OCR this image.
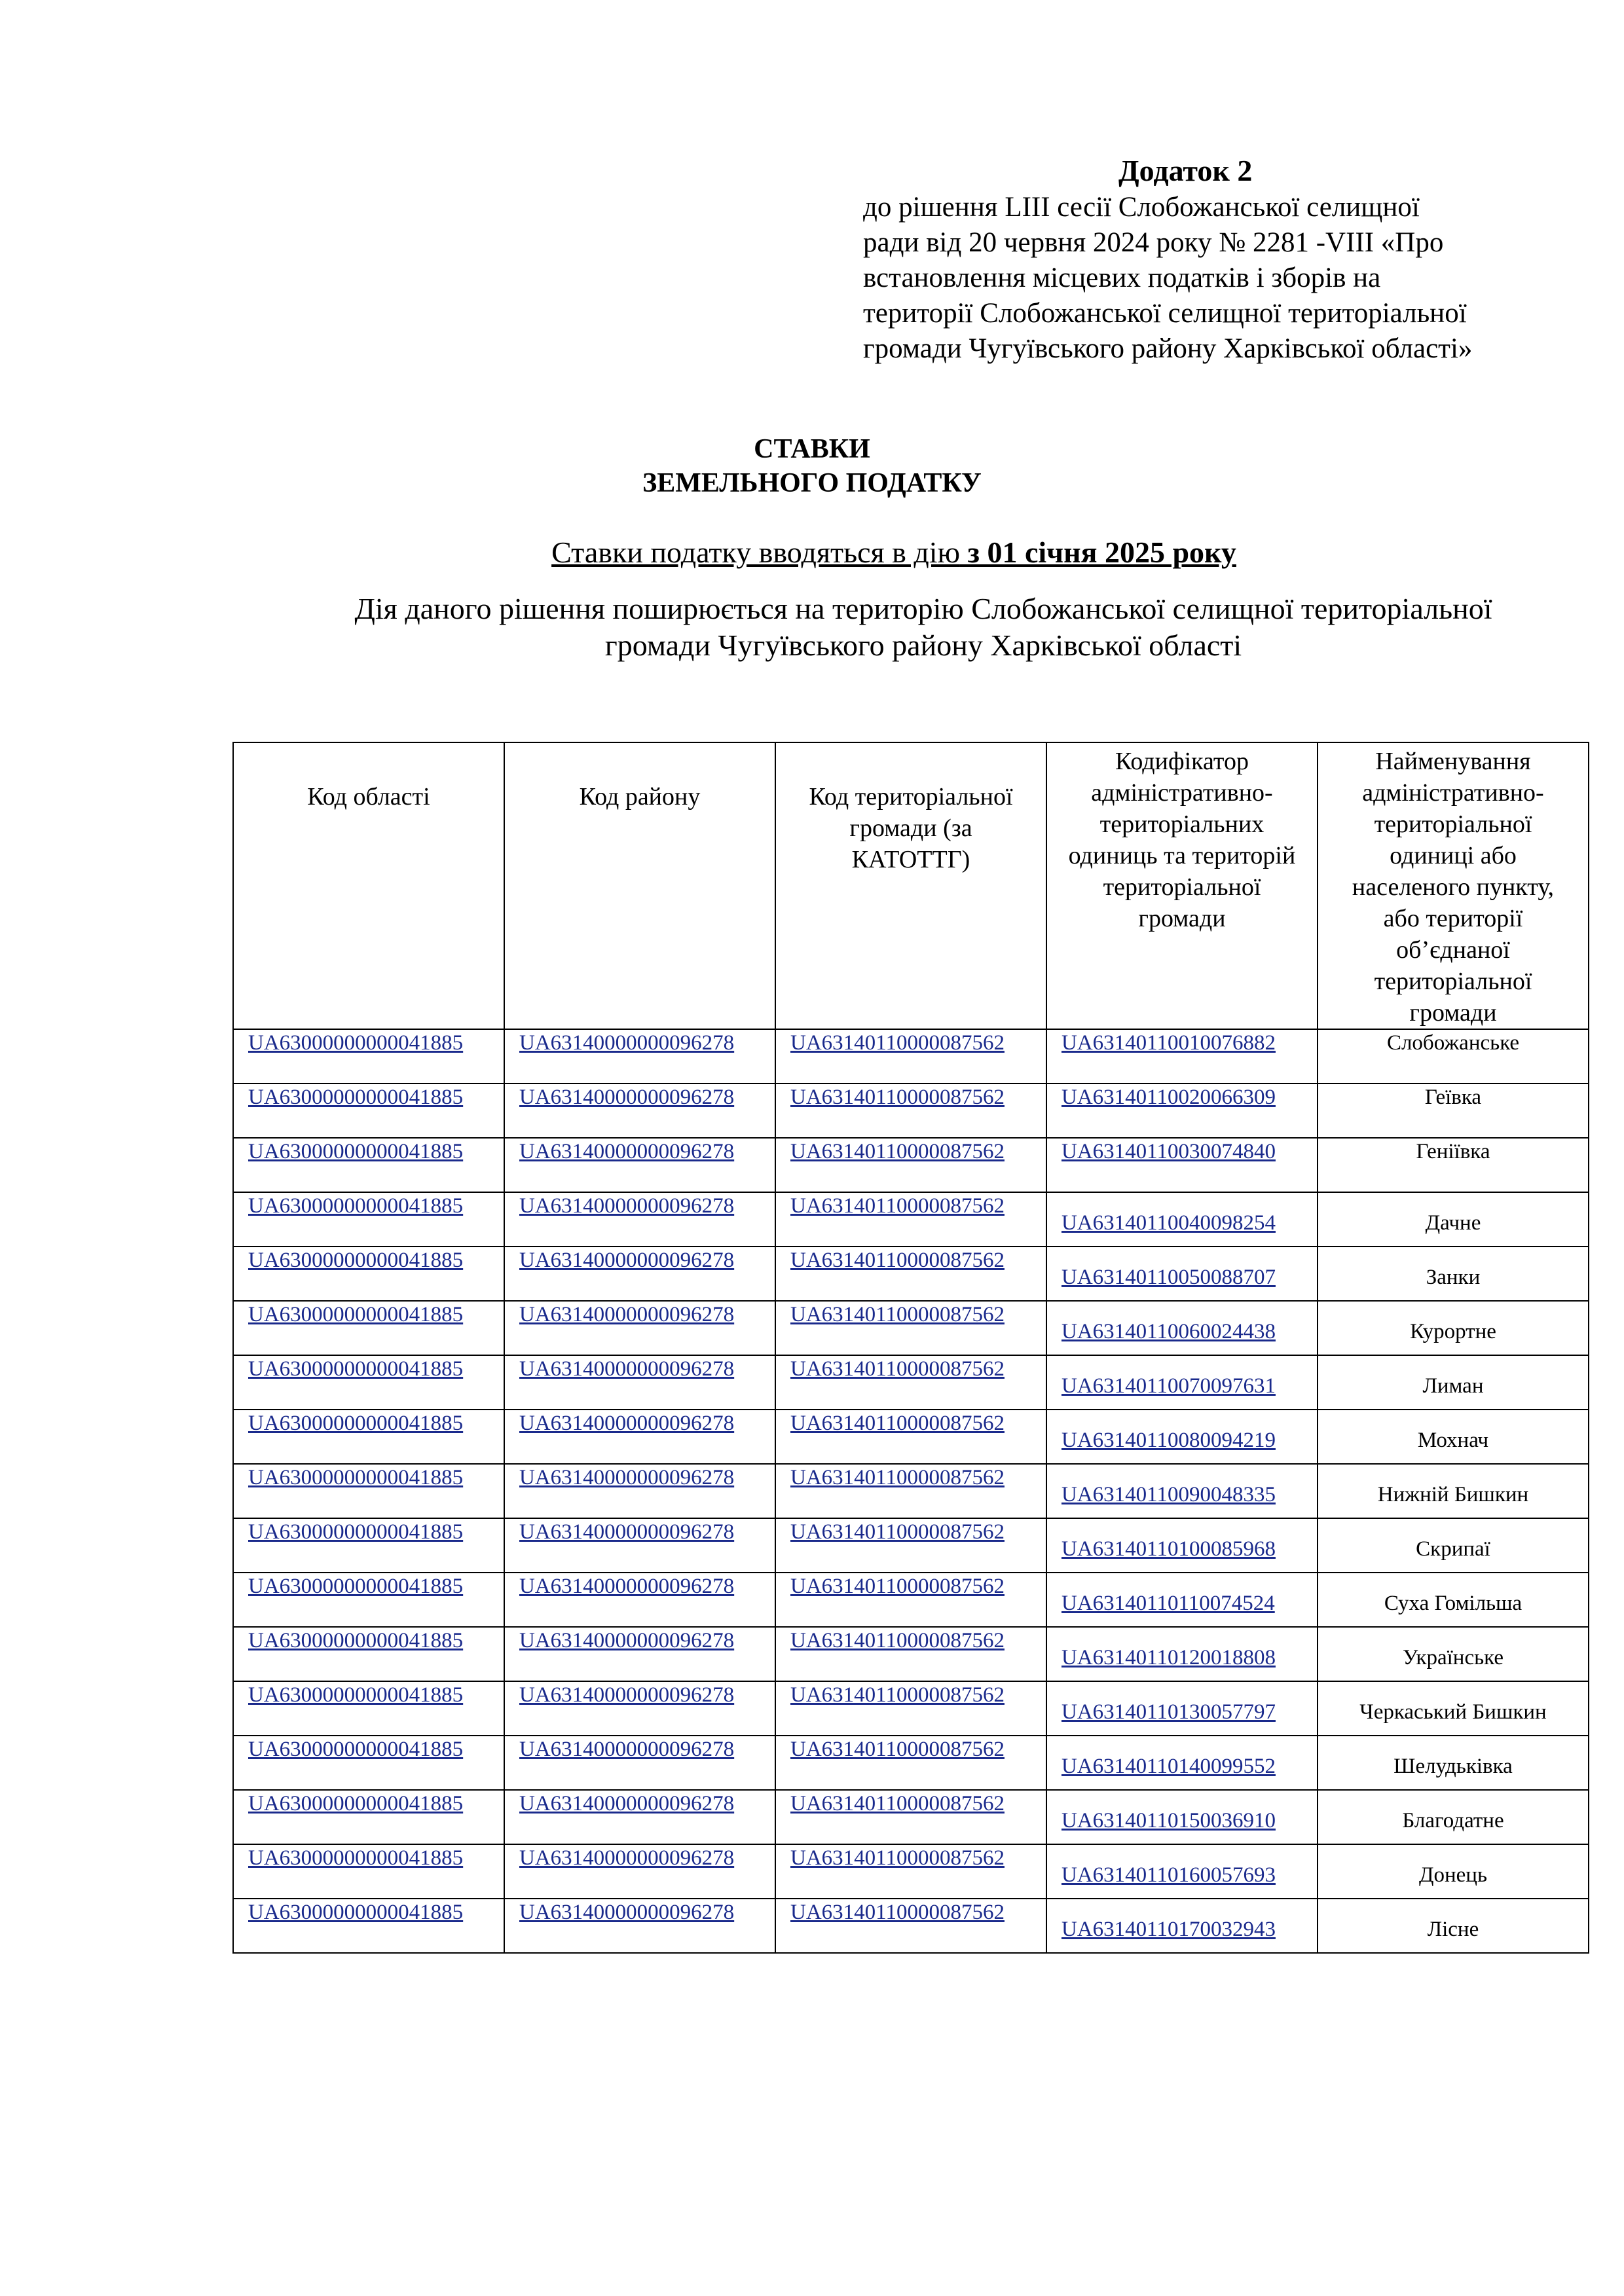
Додаток 2
до рішення LIII сесії Слобожанської селищної
ради від 20 червня 2024 року № 2281 -VIII «Про
встановлення місцевих податків і зборів на
території Слобожанської селищної територіальної
громади Чугуївського району Харківської області»
СТАВКИ
ЗЕМЕЛЬНОГО ПОДАТКУ
Ставки податку вводяться в дію з 01 січня 2025 року
Дія даного рішення поширюється на територію Слобожанської селищної територіальної
громади Чугуївського району Харківської області
Код області	Код району	Код територіальної громади (за КАТОТТГ)	Кодифікатор адміністративно-територіальних одиниць та територій територіальної громади	Найменування адміністративно-територіальної одиниці або населеного пункту, або території об’єднаної територіальної громади
UA63000000000041885	UA63140000000096278	UA63140110000087562	UA63140110010076882	Слобожанське
UA63000000000041885	UA63140000000096278	UA63140110000087562	UA63140110020066309	Геївка
UA63000000000041885	UA63140000000096278	UA63140110000087562	UA63140110030074840	Геніївка
UA63000000000041885	UA63140000000096278	UA63140110000087562	UA63140110040098254	Дачне
UA63000000000041885	UA63140000000096278	UA63140110000087562	UA63140110050088707	Занки
UA63000000000041885	UA63140000000096278	UA63140110000087562	UA63140110060024438	Курортне
UA63000000000041885	UA63140000000096278	UA63140110000087562	UA63140110070097631	Лиман
UA63000000000041885	UA63140000000096278	UA63140110000087562	UA63140110080094219	Мохнач
UA63000000000041885	UA63140000000096278	UA63140110000087562	UA63140110090048335	Нижній Бишкин
UA63000000000041885	UA63140000000096278	UA63140110000087562	UA63140110100085968	Скрипаї
UA63000000000041885	UA63140000000096278	UA63140110000087562	UA63140110110074524	Суха Гомільша
UA63000000000041885	UA63140000000096278	UA63140110000087562	UA63140110120018808	Українське
UA63000000000041885	UA63140000000096278	UA63140110000087562	UA63140110130057797	Черкаський Бишкин
UA63000000000041885	UA63140000000096278	UA63140110000087562	UA63140110140099552	Шелудьківка
UA63000000000041885	UA63140000000096278	UA63140110000087562	UA63140110150036910	Благодатне
UA63000000000041885	UA63140000000096278	UA63140110000087562	UA63140110160057693	Донець
UA63000000000041885	UA63140000000096278	UA63140110000087562	UA63140110170032943	Лісне
